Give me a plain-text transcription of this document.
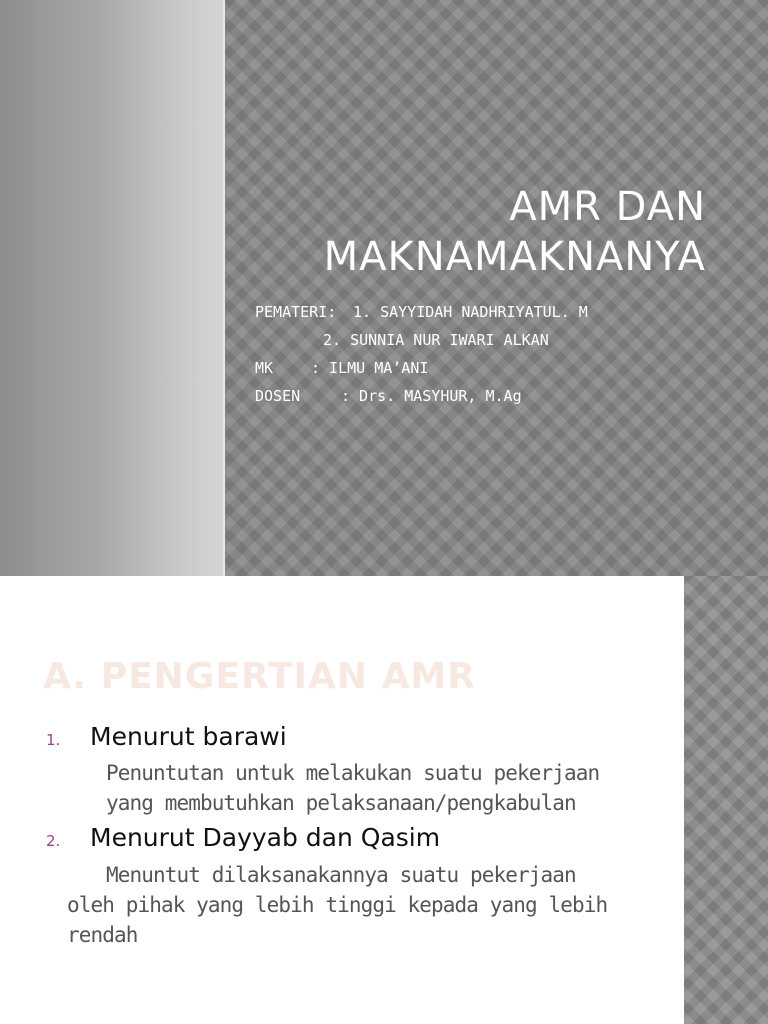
AMR DAN
MAKNAMAKNANYA
PEMATERI:	1. SAYYIDAH NADHRIYATUL. M
2. SUNNIA NUR IWARI ALKAN
MK	: ILMU MA’ANI
DOSEN	: Drs. MASYHUR, M.Ag
A. PENGERTIAN AMR
1.	Menurut barawi
Penuntutan untuk melakukan suatu pekerjaan
yang membutuhkan pelaksanaan/pengkabulan
2.	Menurut Dayyab dan Qasim
Menuntut dilaksanakannya suatu pekerjaan
oleh pihak yang lebih tinggi kepada yang lebih
rendah
